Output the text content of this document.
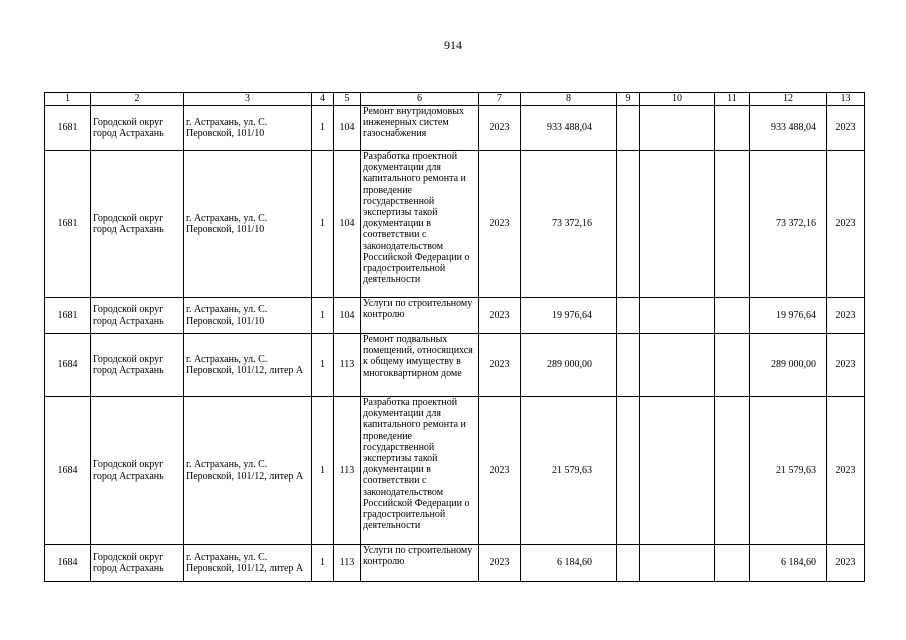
914
1	2	3	4	5	6	7	8	9	10	11	12	13
1681	Городской округ город Астрахань	г. Астрахань, ул. С. Перовской, 101/10	1	104	Ремонт внутридомовых инженерных систем газоснабжения	2023	933 488,04				933 488,04	2023
1681	Городской округ город Астрахань	г. Астрахань, ул. С. Перовской, 101/10	1	104	Разработка проектной документации для капитального ремонта и проведение государственной экспертизы такой документации в соответствии с законодательством Российской Федерации о градостроительной деятельности	2023	73 372,16				73 372,16	2023
1681	Городской округ город Астрахань	г. Астрахань, ул. С. Перовской, 101/10	1	104	Услуги по строительному контролю	2023	19 976,64				19 976,64	2023
1684	Городской округ город Астрахань	г. Астрахань, ул. С. Перовской, 101/12, литер А	1	113	Ремонт подвальных помещений, относящихся к общему имуществу в многоквартирном доме	2023	289 000,00				289 000,00	2023
1684	Городской округ город Астрахань	г. Астрахань, ул. С. Перовской, 101/12, литер А	1	113	Разработка проектной документации для капитального ремонта и проведение государственной экспертизы такой документации в соответствии с законодательством Российской Федерации о градостроительной деятельности	2023	21 579,63				21 579,63	2023
1684	Городской округ город Астрахань	г. Астрахань, ул. С. Перовской, 101/12, литер А	1	113	Услуги по строительному контролю	2023	6 184,60				6 184,60	2023
